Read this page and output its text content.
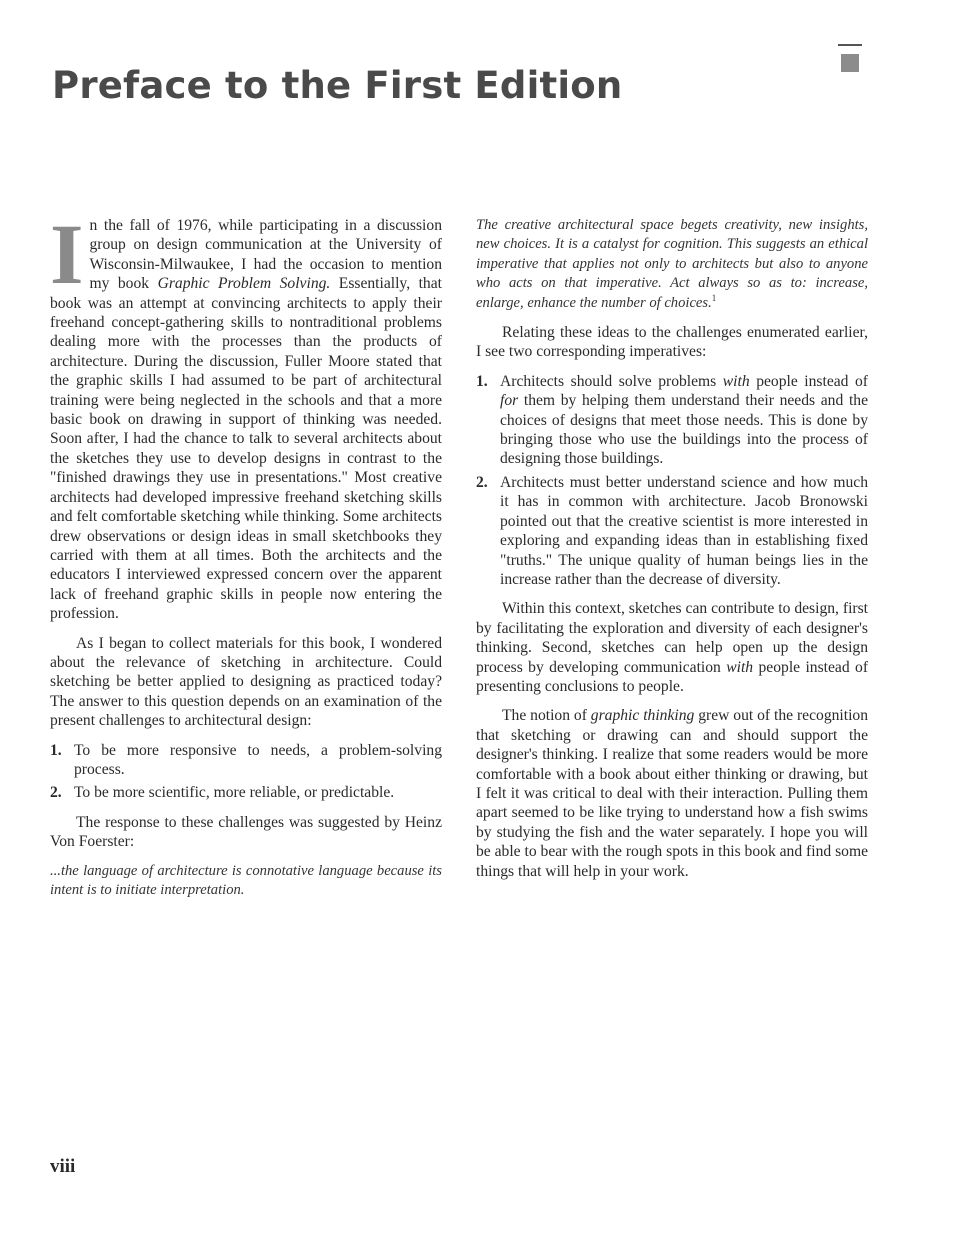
Preface to the First Edition

In the fall of 1976, while participating in a discussion group on design communication at the University of Wisconsin-Milwaukee, I had the occasion to mention my book Graphic Problem Solving. Essentially, that book was an attempt at convincing architects to apply their freehand concept-gathering skills to nontraditional problems dealing more with the processes than the products of architecture. During the discussion, Fuller Moore stated that the graphic skills I had assumed to be part of architectural training were being neglected in the schools and that a more basic book on drawing in support of thinking was needed. Soon after, I had the chance to talk to several architects about the sketches they use to develop designs in contrast to the "finished drawings they use in presentations." Most creative architects had developed impressive freehand sketching skills and felt comfortable sketching while thinking. Some architects drew observations or design ideas in small sketchbooks they carried with them at all times. Both the architects and the educators I interviewed expressed concern over the apparent lack of freehand graphic skills in people now entering the profession.

As I began to collect materials for this book, I wondered about the relevance of sketching in architecture. Could sketching be better applied to designing as practiced today? The answer to this question depends on an examination of the present challenges to architectural design:

1. To be more responsive to needs, a problem-solving process.
2. To be more scientific, more reliable, or predictable.

The response to these challenges was suggested by Heinz Von Foerster:

...the language of architecture is connotative language because its intent is to initiate interpretation.

The creative architectural space begets creativity, new insights, new choices. It is a catalyst for cognition. This suggests an ethical imperative that applies not only to architects but also to anyone who acts on that imperative. Act always so as to: increase, enlarge, enhance the number of choices.$^1$

Relating these ideas to the challenges enumerated earlier, I see two corresponding imperatives:

1. Architects should solve problems with people instead of for them by helping them understand their needs and the choices of designs that meet those needs. This is done by bringing those who use the buildings into the process of designing those buildings.
2. Architects must better understand science and how much it has in common with architecture. Jacob Bronowski pointed out that the creative scientist is more interested in exploring and expanding ideas than in establishing fixed "truths." The unique quality of human beings lies in the increase rather than the decrease of diversity.

Within this context, sketches can contribute to design, first by facilitating the exploration and diversity of each designer's thinking. Second, sketches can help open up the design process by developing communication with people instead of presenting conclusions to people.

The notion of graphic thinking grew out of the recognition that sketching or drawing can and should support the designer's thinking. I realize that some readers would be more comfortable with a book about either thinking or drawing, but I felt it was critical to deal with their interaction. Pulling them apart seemed to be like trying to understand how a fish swims by studying the fish and the water separately. I hope you will be able to bear with the rough spots in this book and find some things that will help in your work.

viii
